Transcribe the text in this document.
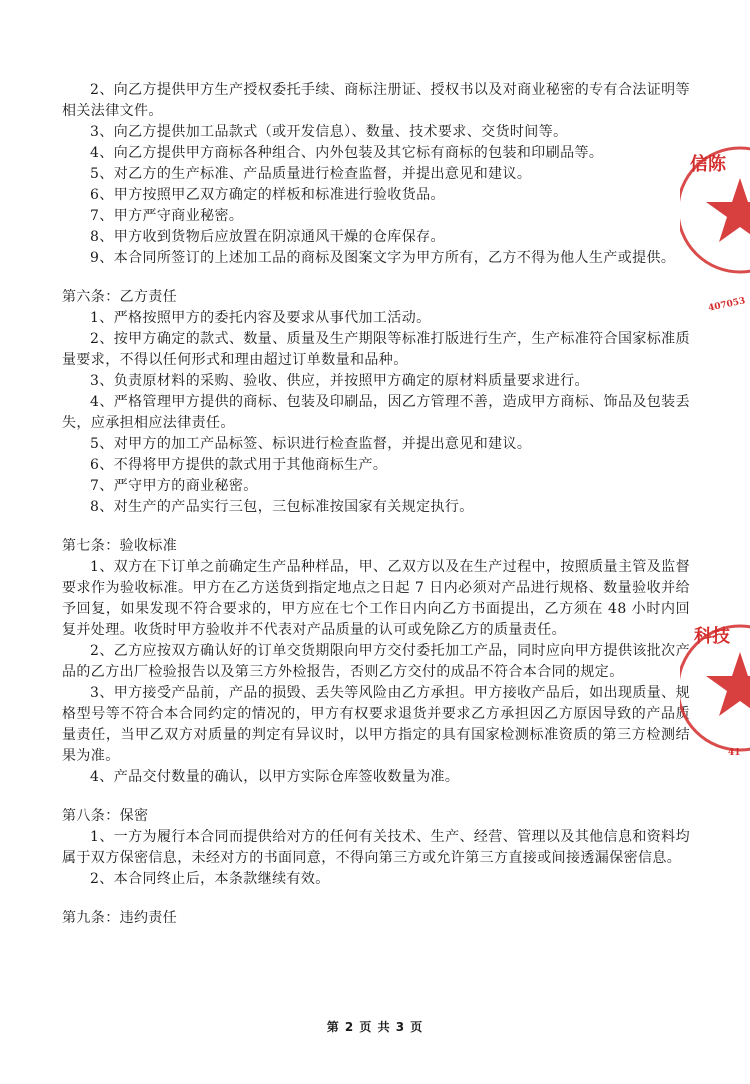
2、向乙方提供甲方生产授权委托手续、商标注册证、授权书以及对商业秘密的专有合法证明等相关法律文件。

3、向乙方提供加工品款式（或开发信息）、数量、技术要求、交货时间等。

4、向乙方提供甲方商标各种组合、内外包装及其它标有商标的包装和印刷品等。

5、对乙方的生产标准、产品质量进行检查监督，并提出意见和建议。

6、甲方按照甲乙双方确定的样板和标准进行验收货品。

7、甲方严守商业秘密。

8、甲方收到货物后应放置在阴凉通风干燥的仓库保存。

9、本合同所签订的上述加工品的商标及图案文字为甲方所有，乙方不得为他人生产或提供。

第六条：乙方责任

1、严格按照甲方的委托内容及要求从事代加工活动。

2、按甲方确定的款式、数量、质量及生产期限等标准打版进行生产，生产标准符合国家标准质量要求，不得以任何形式和理由超过订单数量和品种。

3、负责原材料的采购、验收、供应，并按照甲方确定的原材料质量要求进行。

4、严格管理甲方提供的商标、包装及印刷品，因乙方管理不善，造成甲方商标、饰品及包装丢失，应承担相应法律责任。

5、对甲方的加工产品标签、标识进行检查监督，并提出意见和建议。

6、不得将甲方提供的款式用于其他商标生产。

7、严守甲方的商业秘密。

8、对生产的产品实行三包，三包标准按国家有关规定执行。

第七条：验收标准

1、双方在下订单之前确定生产品种样品，甲、乙双方以及在生产过程中，按照质量主管及监督要求作为验收标准。甲方在乙方送货到指定地点之日起 7 日内必须对产品进行规格、数量验收并给予回复，如果发现不符合要求的，甲方应在七个工作日内向乙方书面提出，乙方须在 48 小时内回复并处理。收货时甲方验收并不代表对产品质量的认可或免除乙方的质量责任。

2、乙方应按双方确认好的订单交货期限向甲方交付委托加工产品，同时应向甲方提供该批次产品的乙方出厂检验报告以及第三方外检报告，否则乙方交付的成品不符合本合同的规定。

3、甲方接受产品前，产品的损毁、丢失等风险由乙方承担。甲方接收产品后，如出现质量、规格型号等不符合本合同约定的情况的，甲方有权要求退货并要求乙方承担因乙方原因导致的产品质量责任，当甲乙双方对质量的判定有异议时，以甲方指定的具有国家检测标准资质的第三方检测结果为准。

4、产品交付数量的确认，以甲方实际仓库签收数量为准。

第八条：保密

1、一方为履行本合同而提供给对方的任何有关技术、生产、经营、管理以及其他信息和资料均属于双方保密信息，未经对方的书面同意，不得向第三方或允许第三方直接或间接透漏保密信息。

2、本合同终止后，本条款继续有效。

第九条：违约责任

信陈
407053
科技
41
第 2 页 共 3 页
